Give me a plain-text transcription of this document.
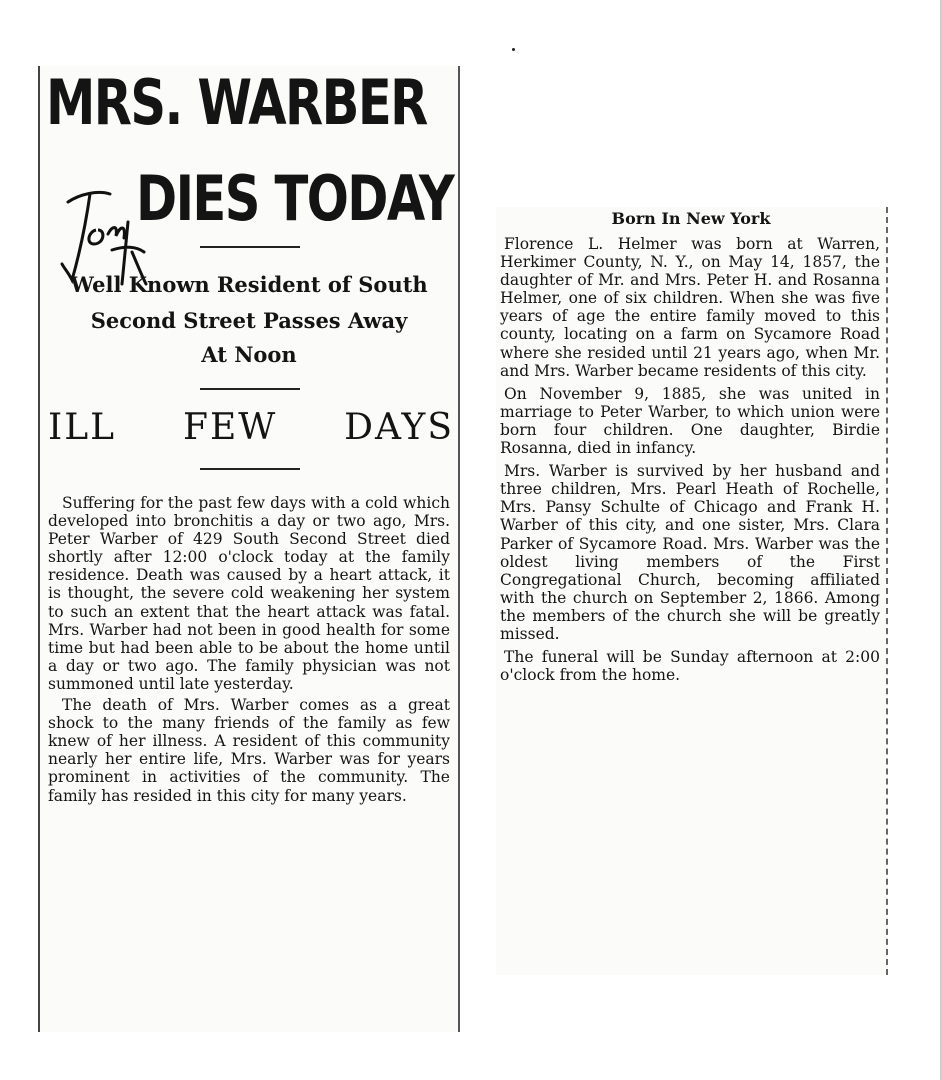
MRS. WARBER
DIES TODAY
Well Known Resident of South
Second Street Passes Away
At Noon
ILL FEW DAYS

Suffering for the past few days with a cold which developed into bronchitis a day or two ago, Mrs. Peter Warber of 429 South Second Street died shortly after 12:00 o'clock today at the family residence. Death was caused by a heart attack, it is thought, the severe cold weakening her system to such an extent that the heart attack was fatal. Mrs. Warber had not been in good health for some time but had been able to be about the home until a day or two ago. The family physician was not summoned until late yesterday.

The death of Mrs. Warber comes as a great shock to the many friends of the family as few knew of her illness. A resident of this community nearly her entire life, Mrs. Warber was for years prominent in activities of the community. The family has resided in this city for many years.

Born In New York

Florence L. Helmer was born at Warren, Herkimer County, N. Y., on May 14, 1857, the daughter of Mr. and Mrs. Peter H. and Rosanna Helmer, one of six children. When she was five years of age the entire family moved to this county, locating on a farm on Sycamore Road where she resided until 21 years ago, when Mr. and Mrs. Warber became residents of this city.

On November 9, 1885, she was united in marriage to Peter Warber, to which union were born four children. One daughter, Birdie Rosanna, died in infancy.

Mrs. Warber is survived by her husband and three children, Mrs. Pearl Heath of Rochelle, Mrs. Pansy Schulte of Chicago and Frank H. Warber of this city, and one sister, Mrs. Clara Parker of Sycamore Road. Mrs. Warber was the oldest living members of the First Congregational Church, becoming affiliated with the church on September 2, 1866. Among the members of the church she will be greatly missed.

The funeral will be Sunday afternoon at 2:00 o'clock from the home.
